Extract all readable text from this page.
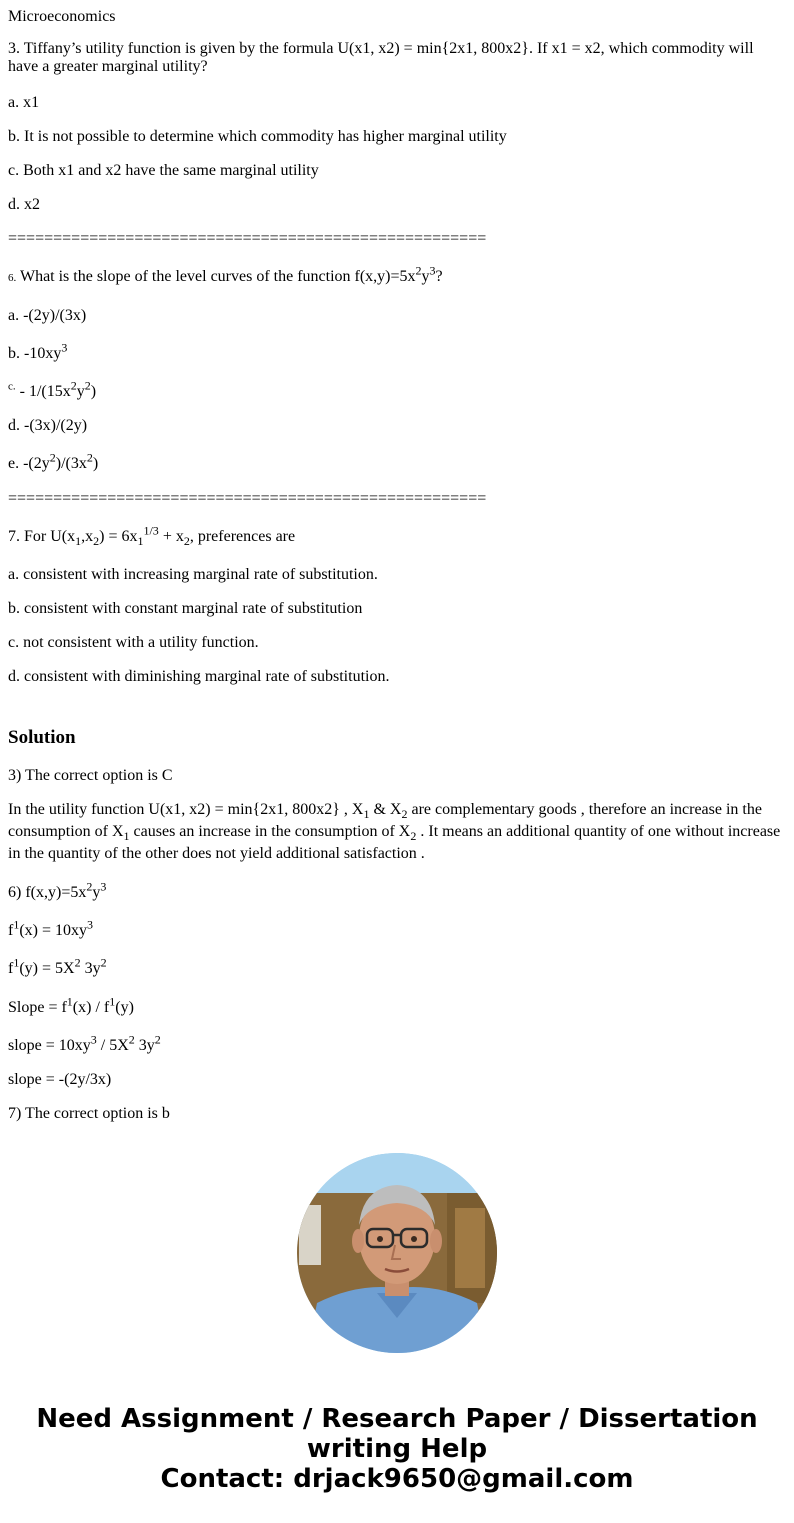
Microeconomics
3. Tiffany’s utility function is given by the formula U(x1, x2) = min{2x1, 800x2}. If x1 = x2, which commodity will have a greater marginal utility?
a. x1
b. It is not possible to determine which commodity has higher marginal utility
c. Both x1 and x2 have the same marginal utility
d. x2
=====================================================
6. What is the slope of the level curves of the function $f(x,y)=5x^2y^3$?
a. -(2y)/(3x)
b. $-10xy^3$
$^{c.} - 1/(15x^2y^2)$
d. -(3x)/(2y)
e. $-(2y^2)/(3x^2)$
=====================================================
7. For $U(x_1,x_2) = 6x_1^{1/3} + x_2$, preferences are
a. consistent with increasing marginal rate of substitution.
b. consistent with constant marginal rate of substitution
c. not consistent with a utility function.
d. consistent with diminishing marginal rate of substitution.
Solution
3) The correct option is C
In the utility function U(x1, x2) = min{2x1, 800x2} , $X_1$ & $X_2$ are complementary goods , therefore an increase in the consumption of $X_1$ causes an increase in the consumption of $X_2$ . It means an additional quantity of one without increase in the quantity of the other does not yield additional satisfaction .
6) $f(x,y)=5x^2y^3$
$f^1(x) = 10xy^3$
$f^1(y) = 5X^2$ $3y^2$
Slope = $f^1(x) / f^1(y)$
slope = $10xy^3 / 5X^2$ $3y^2$
slope = -(2y/3x)
7) The correct option is b
Need Assignment / Research Paper / Dissertation
writing Help
Contact: drjack9650@gmail.com
